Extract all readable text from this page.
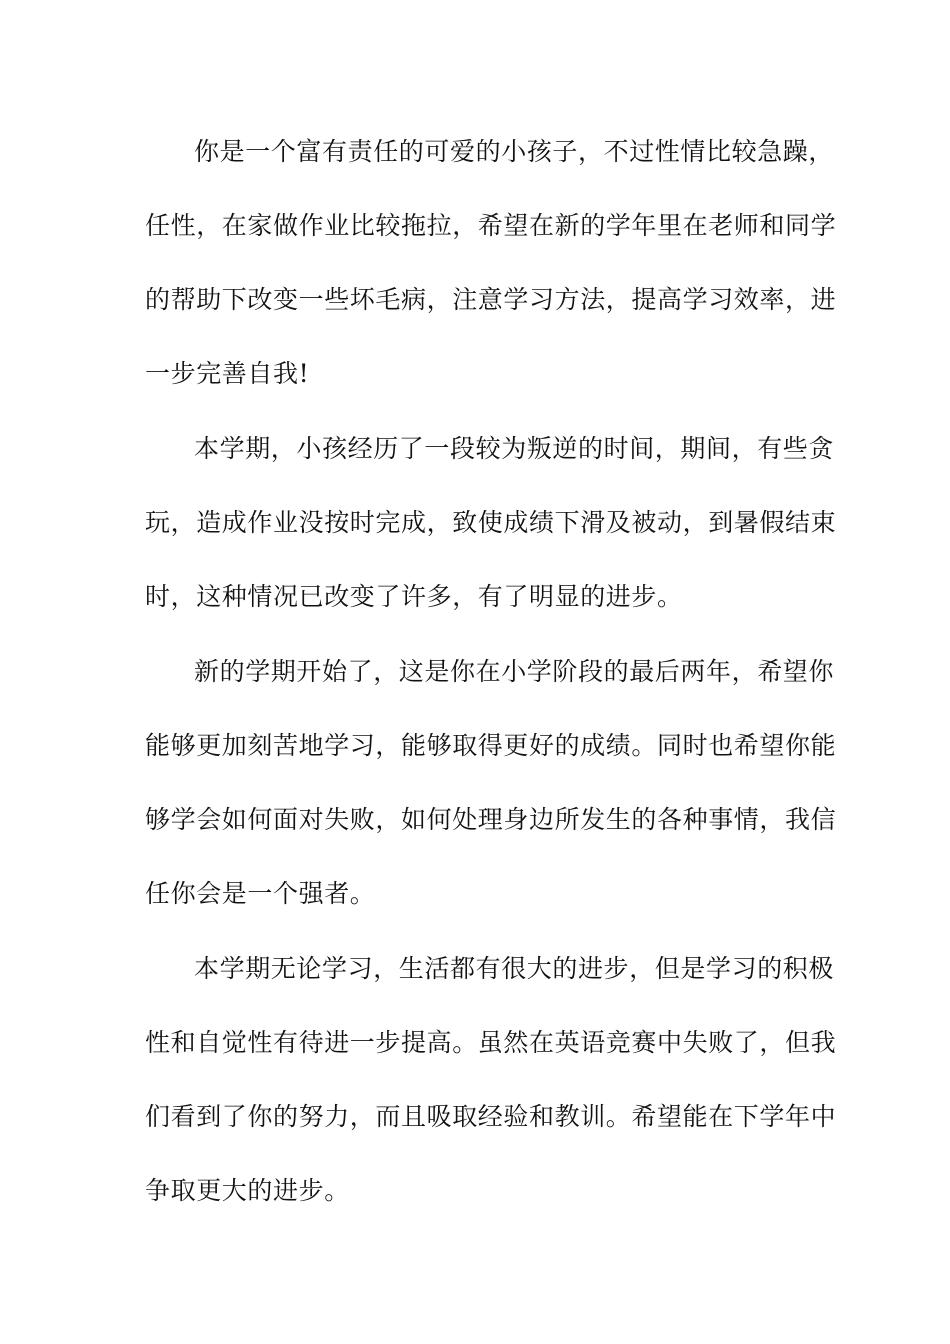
你是一个富有责任的可爱的小孩子，不过性情比较急躁，
任性，在家做作业比较拖拉，希望在新的学年里在老师和同学
的帮助下改变一些坏毛病，注意学习方法，提高学习效率，进
一步完善自我!
本学期，小孩经历了一段较为叛逆的时间，期间，有些贪
玩，造成作业没按时完成，致使成绩下滑及被动，到暑假结束
时，这种情况已改变了许多，有了明显的进步。
新的学期开始了，这是你在小学阶段的最后两年，希望你
能够更加刻苦地学习，能够取得更好的成绩。同时也希望你能
够学会如何面对失败，如何处理身边所发生的各种事情，我信
任你会是一个强者。
本学期无论学习，生活都有很大的进步，但是学习的积极
性和自觉性有待进一步提高。虽然在英语竞赛中失败了，但我
们看到了你的努力，而且吸取经验和教训。希望能在下学年中
争取更大的进步。
